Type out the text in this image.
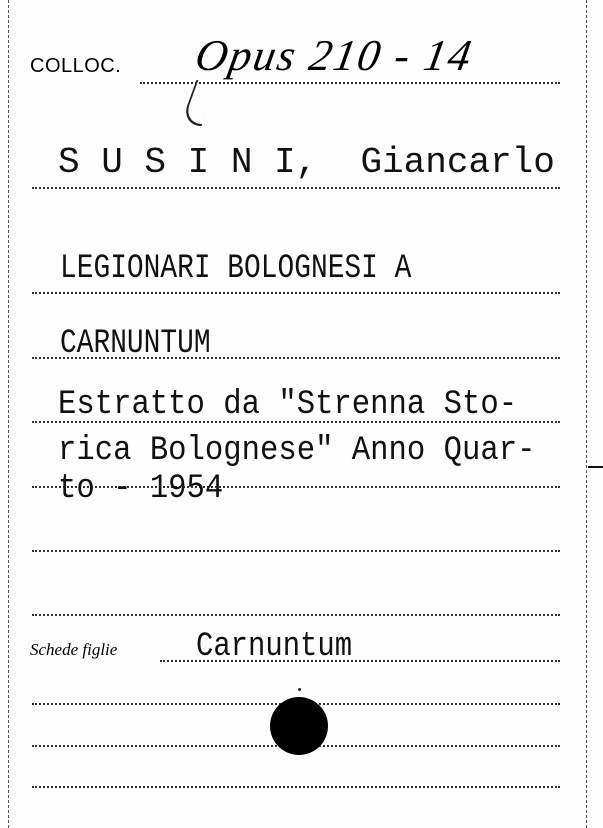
COLLOC. Opus 210 - 14
S U S I N I,  Giancarlo
LEGIONARI BOLOGNESI A
CARNUNTUM
Estratto da "Strenna Sto-
rica Bolognese" Anno Quar-
to - 1954
Schede figlie Carnuntum
